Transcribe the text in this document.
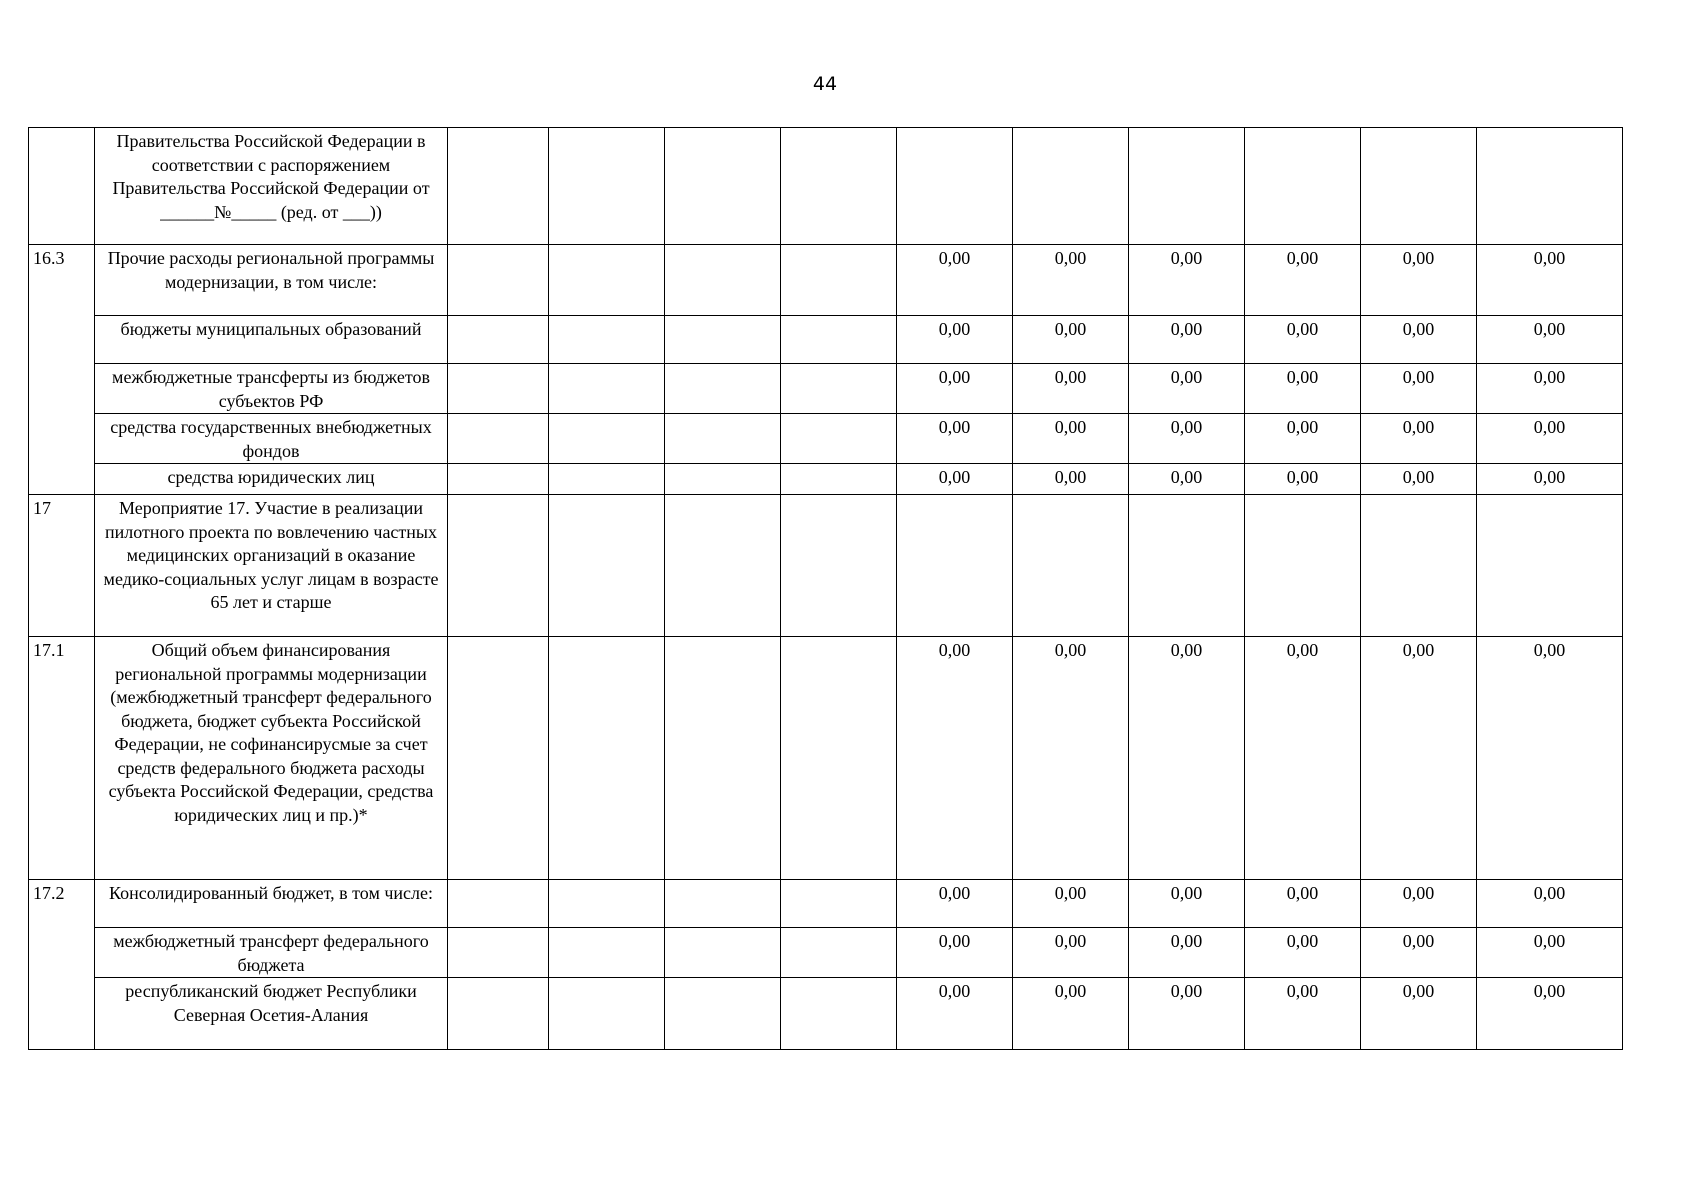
44
	Правительства Российской Федерации в соответствии с распоряжением Правительства Российской Федерации от ______№_____ (ред. от ___))										
16.3	Прочие расходы региональной программы модернизации, в том числе:					0,00	0,00	0,00	0,00	0,00	0,00
	бюджеты муниципальных образований					0,00	0,00	0,00	0,00	0,00	0,00
	межбюджетные трансферты из бюджетов субъектов РФ					0,00	0,00	0,00	0,00	0,00	0,00
	средства государственных внебюджетных фондов					0,00	0,00	0,00	0,00	0,00	0,00
	средства юридических лиц					0,00	0,00	0,00	0,00	0,00	0,00
17	Мероприятие 17. Участие в реализации пилотного проекта по вовлечению частных медицинских организаций в оказание медико-социальных услуг лицам в возрасте 65 лет и старше										
17.1	Общий объем финансирования региональной программы модернизации (межбюджетный трансферт федерального бюджета, бюджет субъекта Российской Федерации, не софинансирусмые за счет средств федерального бюджета расходы субъекта Российской Федерации, средства юридических лиц и пр.)*					0,00	0,00	0,00	0,00	0,00	0,00
17.2	Консолидированный бюджет, в том числе:					0,00	0,00	0,00	0,00	0,00	0,00
	межбюджетный трансферт федерального бюджета					0,00	0,00	0,00	0,00	0,00	0,00
	республиканский бюджет Республики Северная Осетия-Алания					0,00	0,00	0,00	0,00	0,00	0,00
